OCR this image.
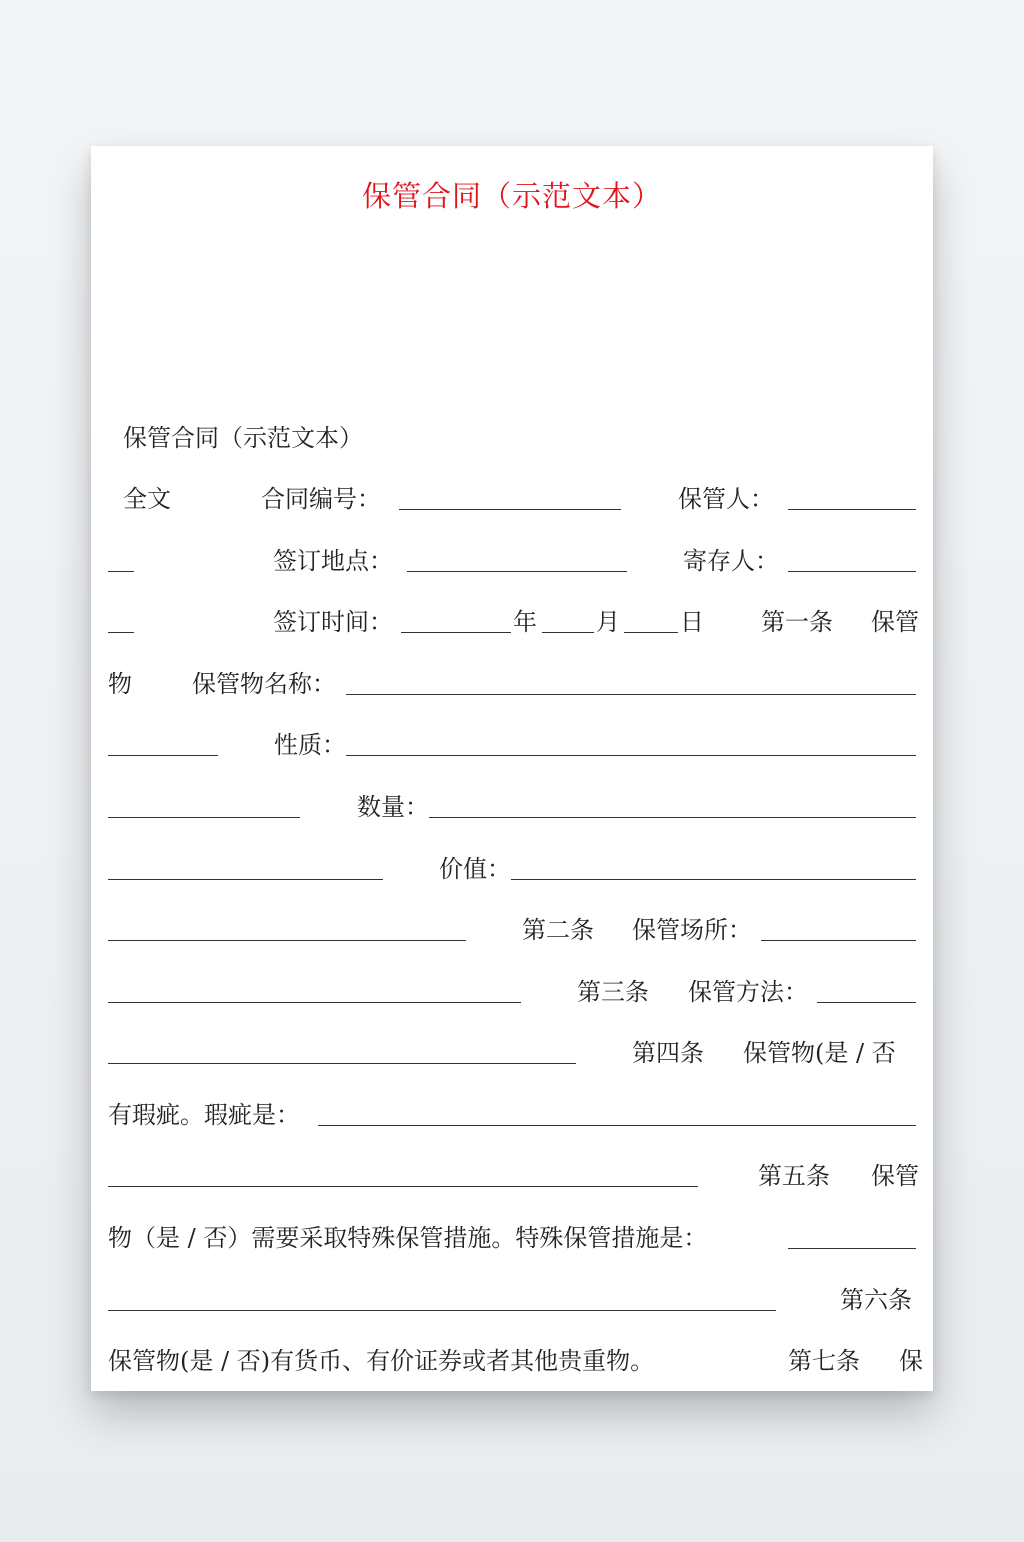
保管合同（示范文本）
保管合同（示范文本）
全文	合同编号：	保管人：
签订地点：	寄存人：
签订时间：	年 月	日 第一条 保管
物	保管物名称：
性质：
数量：
价值：
第二条 保管场所：
第三条 保管方法：
第四条 保管物(是 / 否
有瑕疵。瑕疵是：
第五条 保管
物（是 / 否）需要采取特殊保管措施。特殊保管措施是：
第六条
保管物(是 / 否)有货币、有价证券或者其他贵重物。	第七条 保
